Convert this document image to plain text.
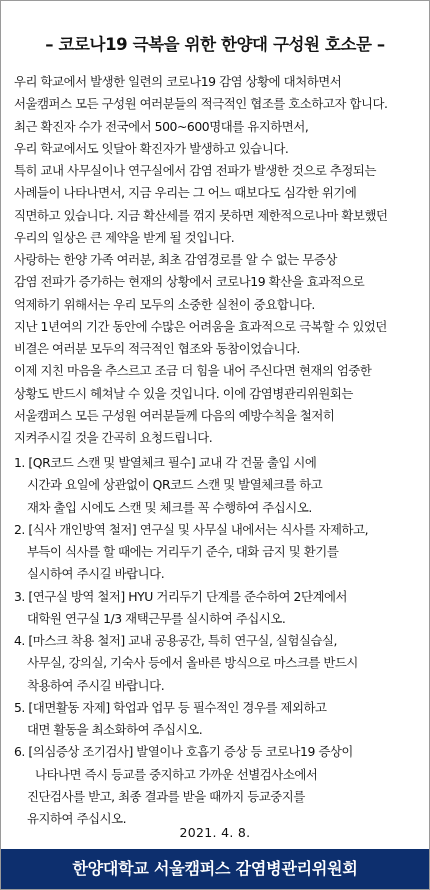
– 코로나19 극복을 위한 한양대 구성원 호소문 –
우리 학교에서 발생한 일련의 코로나19 감염 상황에 대처하면서
서울캠퍼스 모든 구성원 여러분들의 적극적인 협조를 호소하고자 합니다.
최근 확진자 수가 전국에서 500~600명대를 유지하면서,
우리 학교에서도 잇달아 확진자가 발생하고 있습니다.
특히 교내 사무실이나 연구실에서 감염 전파가 발생한 것으로 추정되는
사례들이 나타나면서, 지금 우리는 그 어느 때보다도 심각한 위기에
직면하고 있습니다. 지금 확산세를 꺾지 못하면 제한적으로나마 확보했던
우리의 일상은 큰 제약을 받게 될 것입니다.
사랑하는 한양 가족 여러분, 최초 감염경로를 알 수 없는 무증상
감염 전파가 증가하는 현재의 상황에서 코로나19 확산을 효과적으로
억제하기 위해서는 우리 모두의 소중한 실천이 중요합니다.
지난 1년여의 기간 동안에 수많은 어려움을 효과적으로 극복할 수 있었던
비결은 여러분 모두의 적극적인 협조와 동참이었습니다.
이제 지친 마음을 추스르고 조금 더 힘을 내어 주신다면 현재의 엄중한
상황도 반드시 헤쳐날 수 있을 것입니다. 이에 감염병관리위원회는
서울캠퍼스 모든 구성원 여러분들께 다음의 예방수칙을 철저히
지켜주시길 것을 간곡히 요청드립니다.
1. [QR코드 스캔 및 발열체크 필수] 교내 각 건물 출입 시에
시간과 요일에 상관없이 QR코드 스캔 및 발열체크를 하고
재차 출입 시에도 스캔 및 체크를 꼭 수행하여 주십시오.
2. [식사 개인방역 철저] 연구실 및 사무실 내에서는 식사를 자제하고,
부득이 식사를 할 때에는 거리두기 준수, 대화 금지 및 환기를
실시하여 주시길 바랍니다.
3. [연구실 방역 철저] HYU 거리두기 단계를 준수하여 2단계에서
대학원 연구실 1/3 재택근무를 실시하여 주십시오.
4. [마스크 착용 철저] 교내 공용공간, 특히 연구실, 실험실습실,
사무실, 강의실, 기숙사 등에서 올바른 방식으로 마스크를 반드시
착용하여 주시길 바랍니다.
5. [대면활동 자제] 학업과 업무 등 필수적인 경우를 제외하고
대면 활동을 최소화하여 주십시오.
6. [의심증상 조기검사] 발열이나 호흡기 증상 등 코로나19 증상이
나타나면 즉시 등교를 중지하고 가까운 선별검사소에서
진단검사를 받고, 최종 결과를 받을 때까지 등교중지를
유지하여 주십시오.
2021. 4. 8.
한양대학교 서울캠퍼스 감염병관리위원회
